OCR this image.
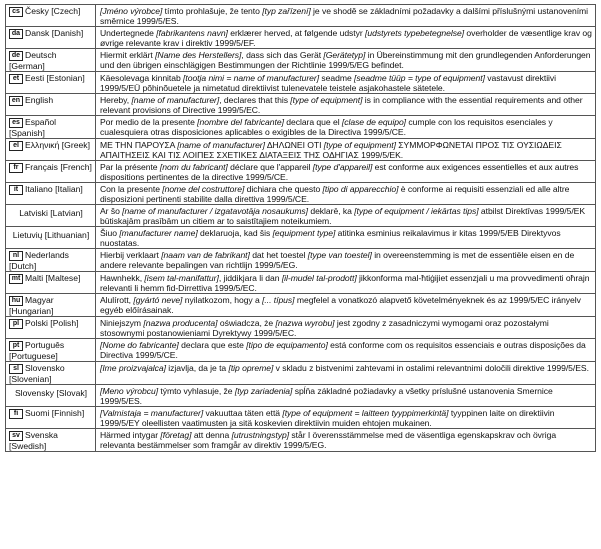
cs Česky [Czech]	[Jméno výrobce] tímto prohlašuje, že tento [typ zařízení] je ve shodě se základními požadavky a dalšími příslušnými ustanoveními směrnice 1999/5/ES.
da Dansk [Danish]	Undertegnede [fabrikantens navn] erklærer herved, at følgende udstyr [udstyrets typebetegnelse] overholder de væsentlige krav og øvrige relevante krav i direktiv 1999/5/EF.
de Deutsch [German]	Hiermit erklärt [Name des Herstellers], dass sich das Gerät [Gerätetyp] in Übereinstimmung mit den grundlegenden Anforderungen und den übrigen einschlägigen Bestimmungen der Richtlinie 1999/5/EG befindet.
et Eesti [Estonian]	Käesolevaga kinnitab [tootja nimi = name of manufacturer] seadme [seadme tüüp = type of equipment] vastavust direktiivi 1999/5/EÜ põhinõuetele ja nimetatud direktiivist tulenevatele teistele asjakohastele sätetele.
en English	Hereby, [name of manufacturer], declares that this [type of equipment] is in compliance with the essential requirements and other relevant provisions of Directive 1999/5/EC.
es Español [Spanish]	Por medio de la presente [nombre del fabricante] declara que el [clase de equipo] cumple con los requisitos esenciales y cualesquiera otras disposiciones aplicables o exigibles de la Directiva 1999/5/CE.
el Ελληνική [Greek]	ΜΕ ΤΗΝ ΠΑΡΟΥΣΑ [name of manufacturer] ΔΗΛΩΝΕΙ ΟΤΙ [type of equipment] ΣΥΜΜΟΡΦΩΝΕΤΑΙ ΠΡΟΣ ΤΙΣ ΟΥΣΙΩΔΕΙΣ ΑΠΑΙΤΗΣΕΙΣ ΚΑΙ ΤΙΣ ΛΟΙΠΕΣ ΣΧΕΤΙΚΕΣ ΔΙΑΤΑΞΕΙΣ ΤΗΣ ΟΔΗΓΙΑΣ 1999/5/ΕΚ.
fr Français [French]	Par la présente [nom du fabricant] déclare que l'appareil [type d'appareil] est conforme aux exigences essentielles et aux autres dispositions pertinentes de la directive 1999/5/CE.
it Italiano [Italian]	Con la presente [nome del costruttore] dichiara che questo [tipo di apparecchio] è conforme ai requisiti essenziali ed alle altre disposizioni pertinenti stabilite dalla direttiva 1999/5/CE.

Latviski [Latvian]	Ar šo [name of manufacturer / izgatavotāja nosaukums] deklarē, ka [type of equipment / iekārtas tips] atbilst Direktīvas 1999/5/EK būtiskajām prasībām un citiem ar to saistītajiem noteikumiem.

Lietuvių [Lithuanian]	Šiuo [manufacturer name] deklaruoja, kad šis [equipment type] atitinka esminius reikalavimus ir kitas 1999/5/EB Direktyvos nuostatas.
nl Nederlands [Dutch]	Hierbij verklaart [naam van de fabrikant] dat het toestel [type van toestel] in overeenstemming is met de essentiële eisen en de andere relevante bepalingen van richtlijn 1999/5/EG.
mt Malti [Maltese]	Hawnhekk, [isem tal-manifattur], jiddikjara li dan [il-mudel tal-prodott] jikkonforma mal-ħtiġijiet essenzjali u ma provvedimenti oħrajn relevanti li hemm fid-Dirrettiva 1999/5/EC.
hu Magyar [Hungarian]	Alulírott, [gyártó neve] nyilatkozom, hogy a [... típus] megfelel a vonatkozó alapvető követelményeknek és az 1999/5/EC irányelv egyéb előírásainak.
pl Polski [Polish]	Niniejszym [nazwa producenta] oświadcza, że [nazwa wyrobu] jest zgodny z zasadniczymi wymogami oraz pozostałymi stosownymi postanowieniami Dyrektywy 1999/5/EC.
pt Português [Portuguese]	[Nome do fabricante] declara que este [tipo de equipamento] está conforme com os requisitos essenciais e outras disposições da Directiva 1999/5/CE.
sl Slovensko [Slovenian]	[Ime proizvajalca] izjavlja, da je ta [tip opreme] v skladu z bistvenimi zahtevami in ostalimi relevantnimi določili direktive 1999/5/ES.

Slovensky [Slovak]	[Meno výrobcu] týmto vyhlasuje, že [typ zariadenia] spĺňa základné požiadavky a všetky príslušné ustanovenia Smernice 1999/5/ES.
fi Suomi [Finnish]	[Valmistaja = manufacturer] vakuuttaa täten että [type of equipment = laitteen tyyppimerkintä] tyyppinen laite on direktiivin 1999/5/EY oleellisten vaatimusten ja sitä koskevien direktiivin muiden ehtojen mukainen.
sv Svenska [Swedish]	Härmed intygar [företag] att denna [utrustningstyp] står I överensstämmelse med de väsentliga egenskapskrav och övriga relevanta bestämmelser som framgår av direktiv 1999/5/EG.
